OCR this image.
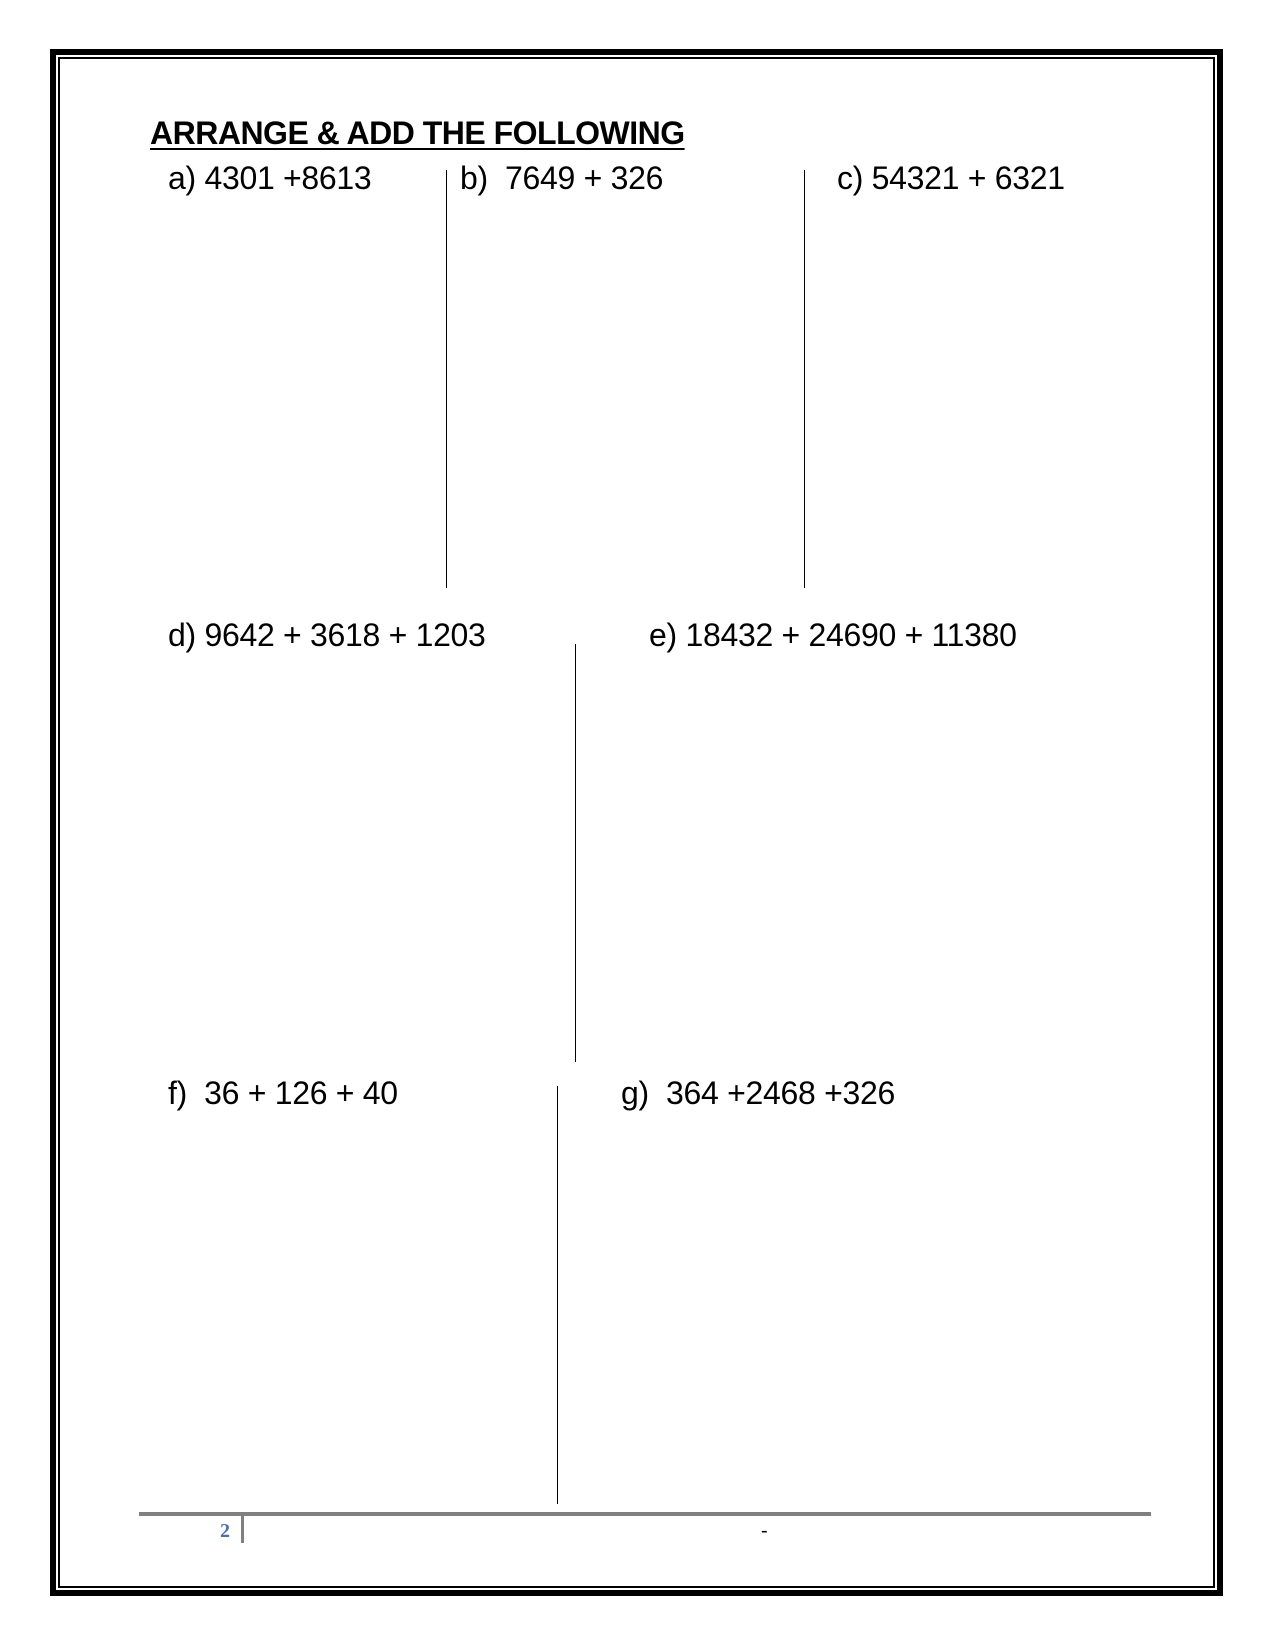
ARRANGE & ADD THE FOLLOWING
a) 4301 +8613	b) 7649 + 326	c) 54321 + 6321
d) 9642 + 3618 + 1203	e) 18432 + 24690 + 11380
f) 36 + 126 + 40	g) 364 +2468 +326
2	-
